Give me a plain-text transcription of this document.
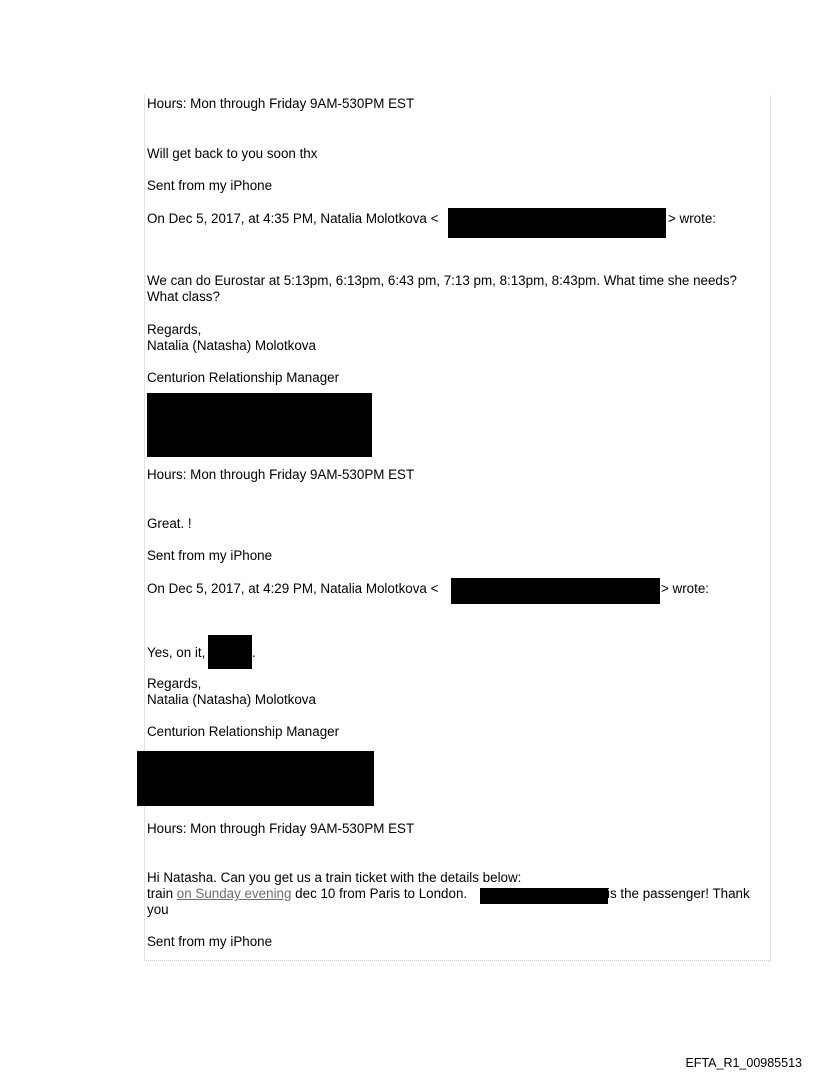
Hours: Mon through Friday 9AM-530PM EST
Will get back to you soon thx
Sent from my iPhone
On Dec 5, 2017, at 4:35 PM, Natalia Molotkova <	> wrote:
We can do Eurostar at 5:13pm, 6:13pm, 6:43 pm, 7:13 pm, 8:13pm, 8:43pm. What time she needs? What class?
Regards,
Natalia (Natasha) Molotkova
Centurion Relationship Manager
Hours: Mon through Friday 9AM-530PM EST
Great. !
Sent from my iPhone
On Dec 5, 2017, at 4:29 PM, Natalia Molotkova <	> wrote:
Yes, on it,	.
Regards,
Natalia (Natasha) Molotkova
Centurion Relationship Manager
Hours: Mon through Friday 9AM-530PM EST
Hi Natasha. Can you get us a train ticket with the details below:
train on Sunday evening dec 10 from Paris to London.	is the passenger! Thank
you
Sent from my iPhone
EFTA_R1_00985513
